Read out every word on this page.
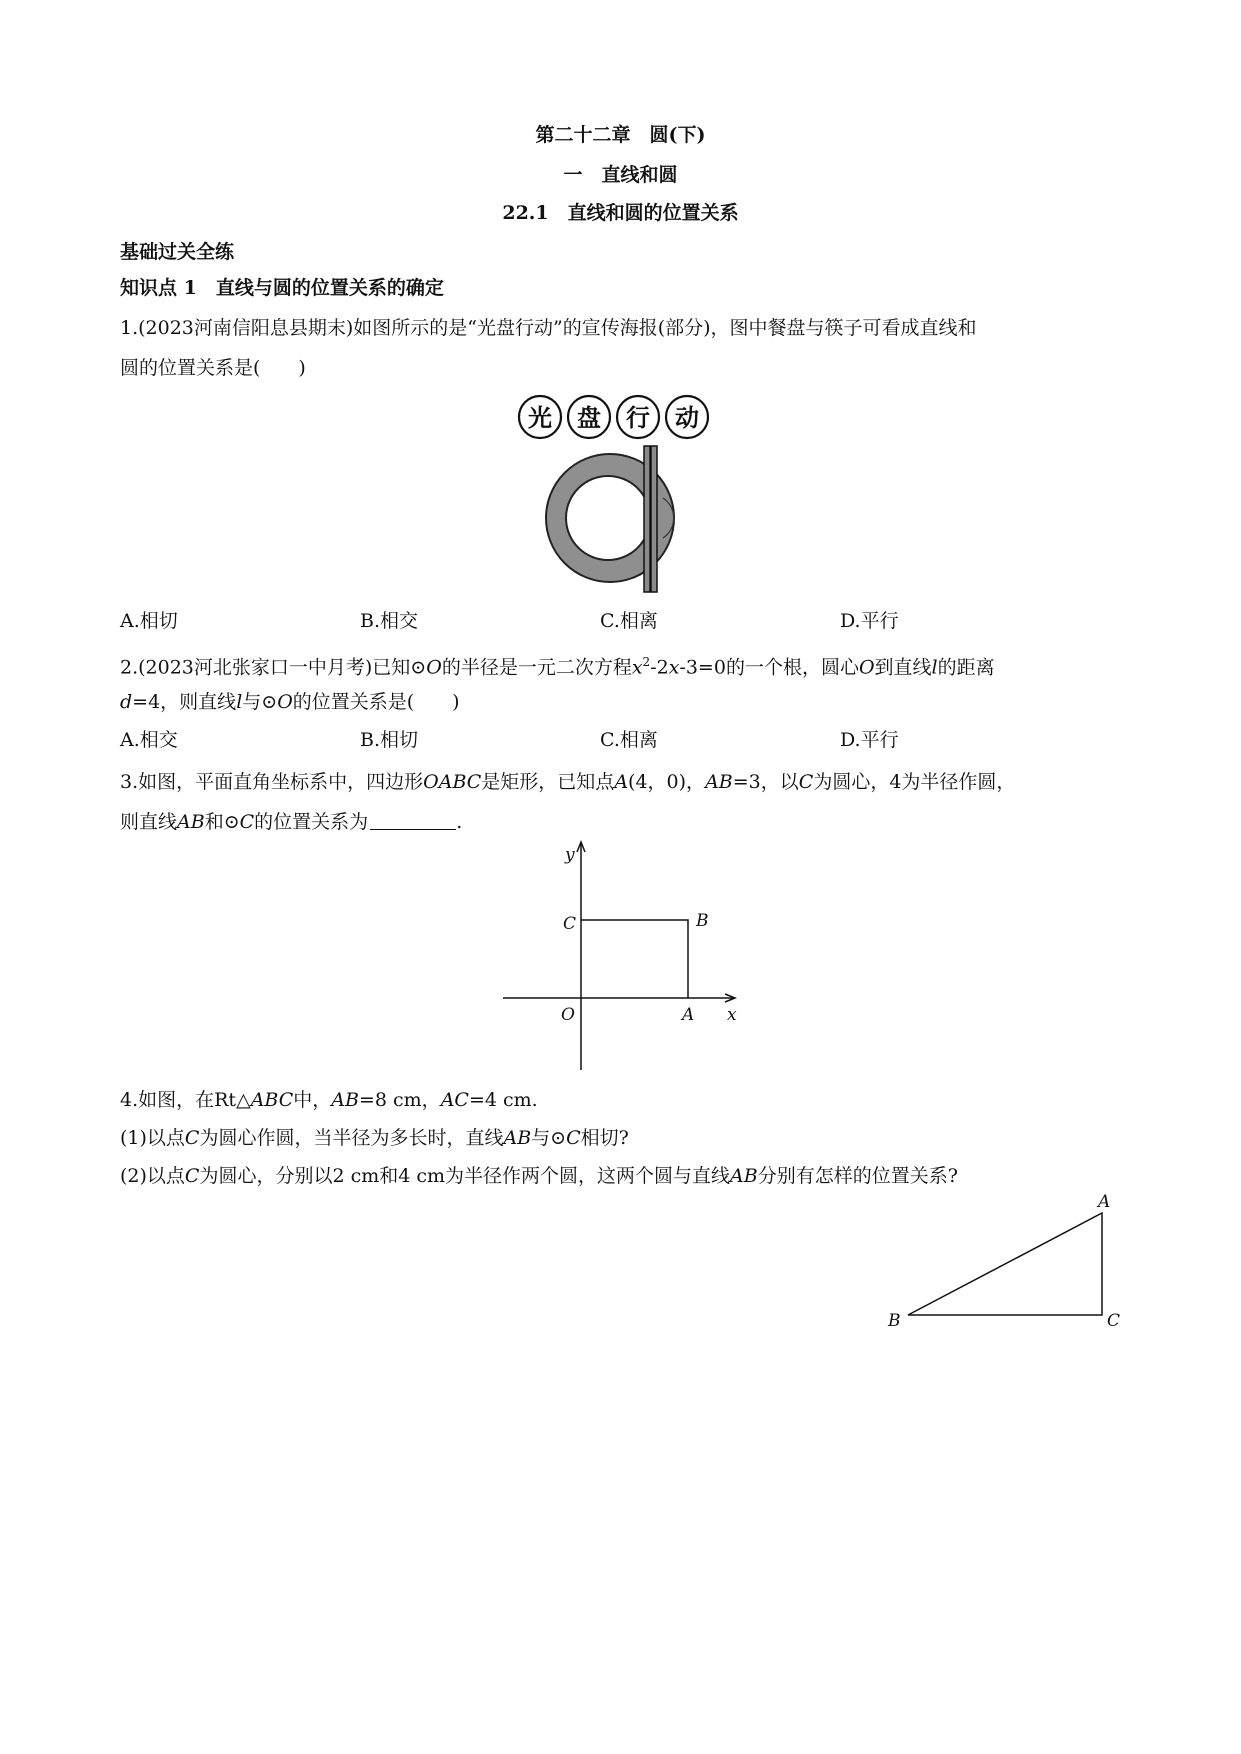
第二十二章　圆(下)
一　直线和圆
22.1　直线和圆的位置关系
基础过关全练
知识点 1　直线与圆的位置关系的确定
1.(2023河南信阳息县期末)如图所示的是“光盘行动”的宣传海报(部分)，图中餐盘与筷子可看成直线和
圆的位置关系是(　　)
光 盘 行 动
A.相切	B.相交	C.相离	D.平行
2.(2023河北张家口一中月考)已知⊙O的半径是一元二次方程$x^2-2x-3=0$的一个根，圆心O到直线l的距离
d=4，则直线l与⊙O的位置关系是(　　)
A.相交	B.相切	C.相离	D.平行
3.如图，平面直角坐标系中，四边形OABC是矩形，已知点A(4，0)，AB=3，以C为圆心，4为半径作圆，
则直线AB和⊙C的位置关系为	.
y
x
C	B
O	A
4.如图，在Rt△ABC中，AB=8 cm，AC=4 cm.
(1)以点C为圆心作圆，当半径为多长时，直线AB与⊙C相切?
(2)以点C为圆心，分别以2 cm和4 cm为半径作两个圆，这两个圆与直线AB分别有怎样的位置关系?
A
B	C
